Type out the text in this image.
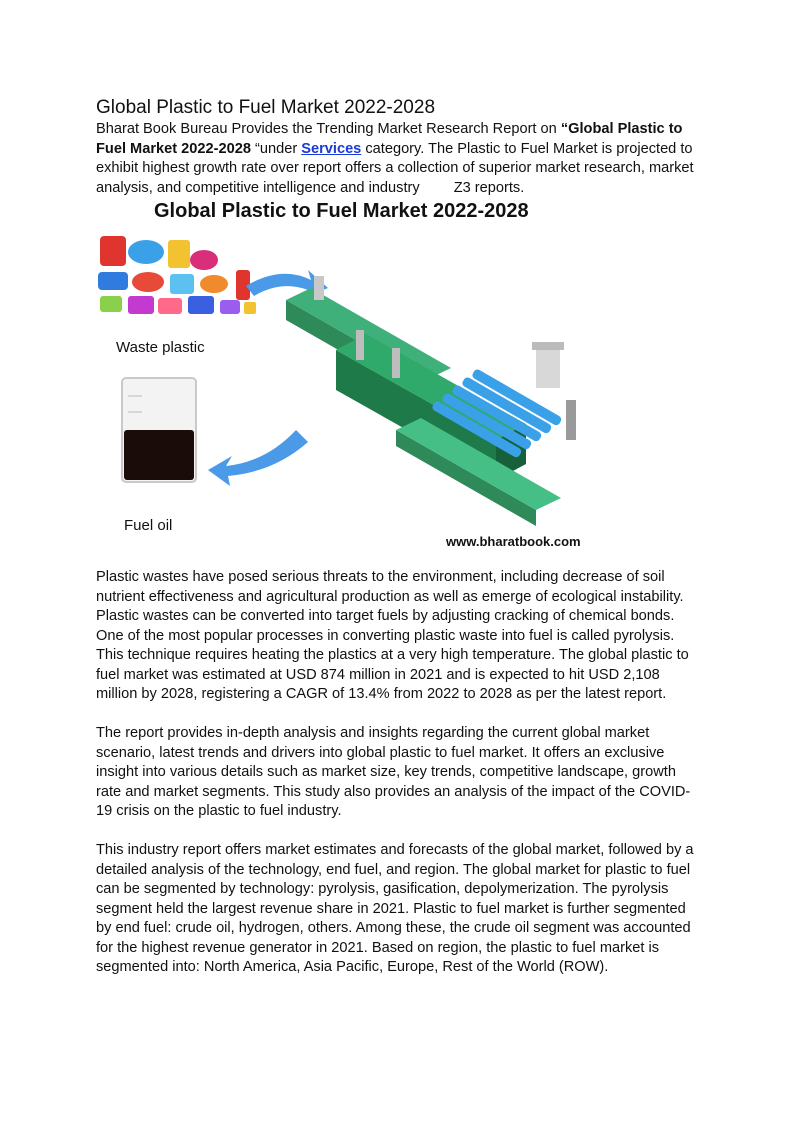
Global Plastic to Fuel Market 2022-2028

Bharat Book Bureau Provides the Trending Market Research Report on “Global Plastic to Fuel Market 2022-2028 “under Services category. The Plastic to Fuel Market is projected to exhibit highest growth rate over report offers a collection of superior market research, market analysis, and competitive intelligence and industry Z3 reports.

Global Plastic to Fuel Market 2022-2028
Waste plastic
Fuel oil
www.bharatbook.com

Plastic wastes have posed serious threats to the environment, including decrease of soil nutrient effectiveness and agricultural production as well as emerge of ecological instability. Plastic wastes can be converted into target fuels by adjusting cracking of chemical bonds. One of the most popular processes in converting plastic waste into fuel is called pyrolysis. This technique requires heating the plastics at a very high temperature. The global plastic to fuel market was estimated at USD 874 million in 2021 and is expected to hit USD 2,108 million by 2028, registering a CAGR of 13.4% from 2022 to 2028 as per the latest report.

The report provides in-depth analysis and insights regarding the current global market scenario, latest trends and drivers into global plastic to fuel market. It offers an exclusive insight into various details such as market size, key trends, competitive landscape, growth rate and market segments. This study also provides an analysis of the impact of the COVID-19 crisis on the plastic to fuel industry.

This industry report offers market estimates and forecasts of the global market, followed by a detailed analysis of the technology, end fuel, and region. The global market for plastic to fuel can be segmented by technology: pyrolysis, gasification, depolymerization. The pyrolysis segment held the largest revenue share in 2021. Plastic to fuel market is further segmented by end fuel: crude oil, hydrogen, others. Among these, the crude oil segment was accounted for the highest revenue generator in 2021. Based on region, the plastic to fuel market is segmented into: North America, Asia Pacific, Europe, Rest of the World (ROW).
